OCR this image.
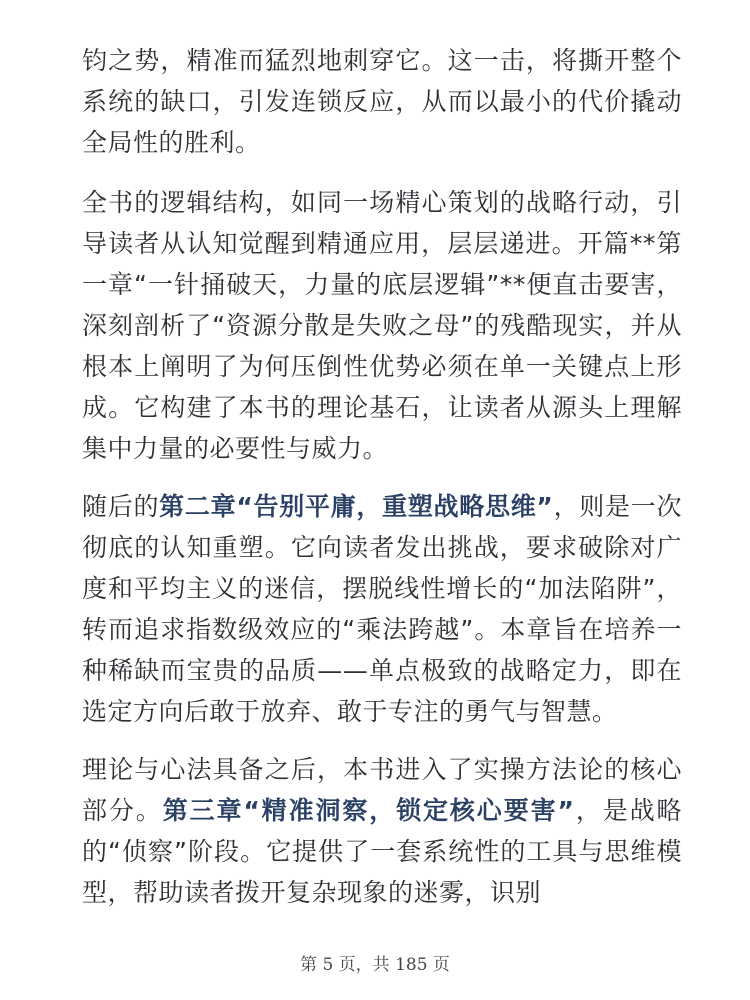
钧之势，精准而猛烈地刺穿它。这一击，将撕开整个系统的缺口，引发连锁反应，从而以最小的代价撬动全局性的胜利。

全书的逻辑结构，如同一场精心策划的战略行动，引导读者从认知觉醒到精通应用，层层递进。开篇**第一章“一针捅破天，力量的底层逻辑”**便直击要害，深刻剖析了“资源分散是失败之母”的残酷现实，并从根本上阐明了为何压倒性优势必须在单一关键点上形成。它构建了本书的理论基石，让读者从源头上理解集中力量的必要性与威力。

随后的第二章“告别平庸，重塑战略思维”，则是一次彻底的认知重塑。它向读者发出挑战，要求破除对广度和平均主义的迷信，摆脱线性增长的“加法陷阱”，转而追求指数级效应的“乘法跨越”。本章旨在培养一种稀缺而宝贵的品质——单点极致的战略定力，即在选定方向后敢于放弃、敢于专注的勇气与智慧。

理论与心法具备之后，本书进入了实操方法论的核心部分。第三章“精准洞察，锁定核心要害”，是战略的“侦察”阶段。它提供了一套系统性的工具与思维模型，帮助读者拨开复杂现象的迷雾，识别

第 5 页，共 185 页
